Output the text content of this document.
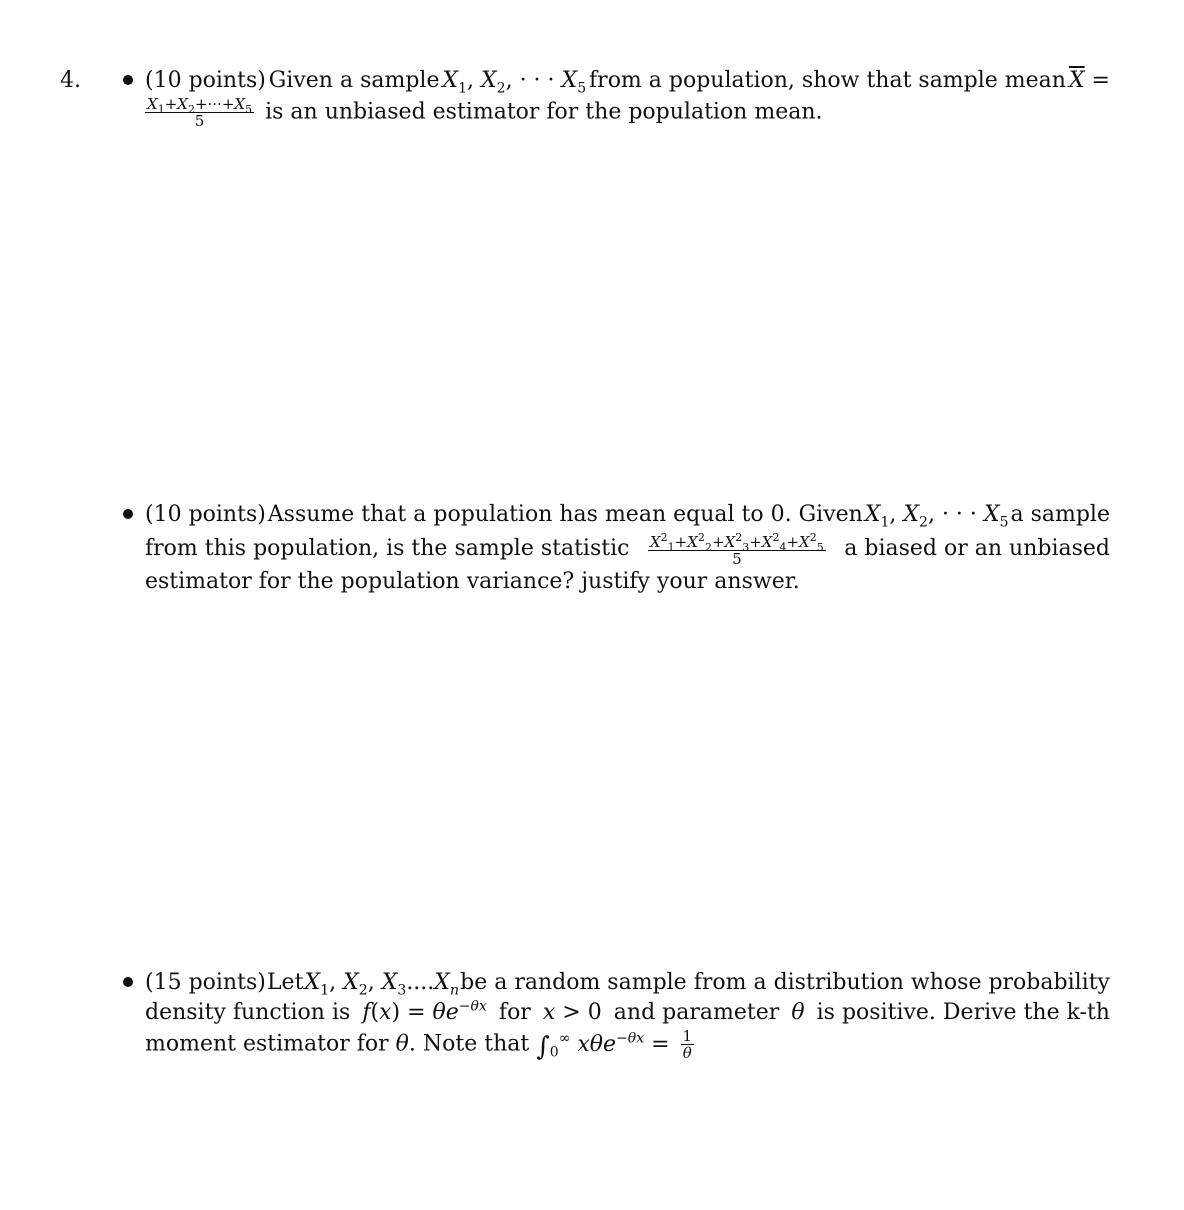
4.	(10 points) Given a sample $X_1$, $X_2$, · · · $X_5$ from a population, show that sample mean $\overline{X}$ =
$\frac{X_1+X_2+\cdot\cdot\cdot+X_5}{5}$ is an unbiased estimator for the population mean.
(10 points) Assume that a population has mean equal to 0. Given $X_1$, $X_2$, · · · $X_5$ a sample
from this population, is the sample statistic $\frac{X^2_1+X^2_2+X^2_3+X^2_4+X^2_5}{5}$ a biased or an unbiased
estimator for the population variance? justify your answer.
(15 points) Let $X_1$, $X_2$, $X_3....X_n$ be a random sample from a distribution whose probability
density function is $f(x) = \theta e^{-\theta x}$ for x > 0 and parameter θ is positive. Derive the k-th
moment estimator for θ. Note that $\int_0^\infty$ $x\theta e^{-\theta x} = \frac{1}{\theta}$
